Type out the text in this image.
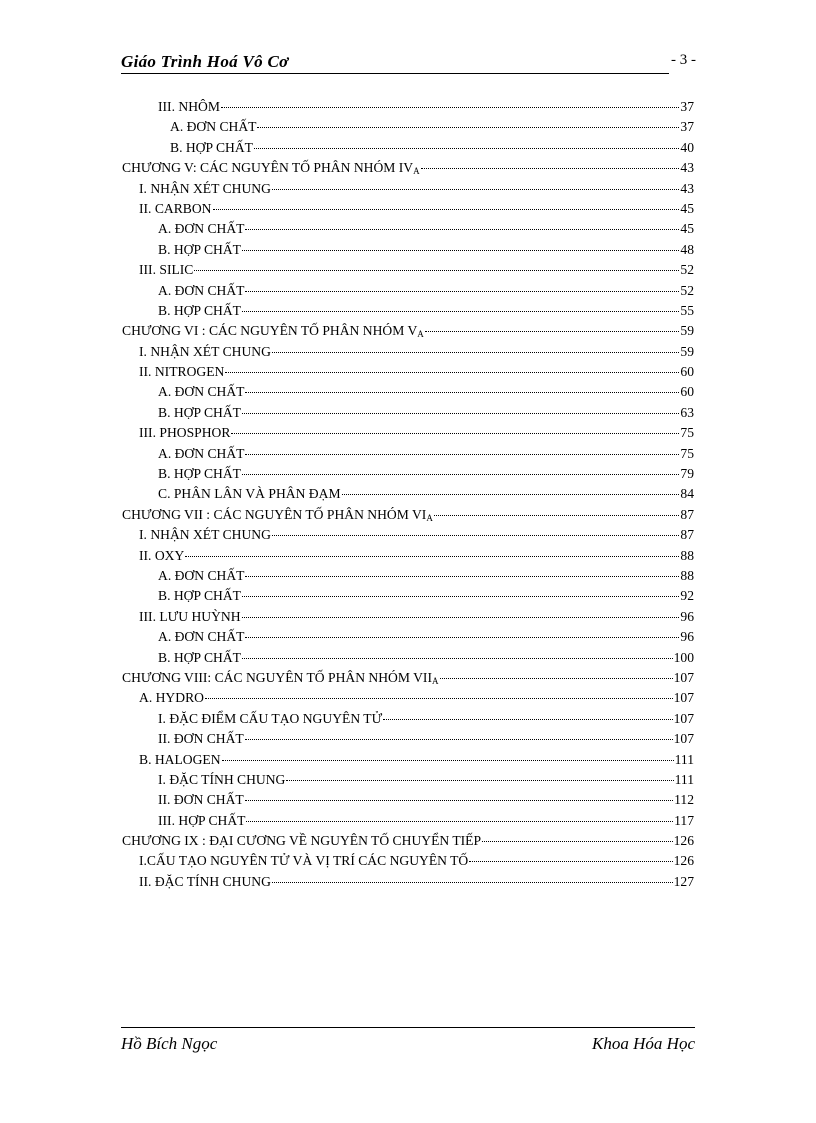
Giáo Trình Hoá Vô Cơ	- 3 -
III. NHÔM	37
A. ĐƠN CHẤT	37
B. HỢP CHẤT	40
CHƯƠNG V: CÁC NGUYÊN TỐ PHÂN NHÓM $IV_A$	43
I. NHẬN XÉT CHUNG	43
II. CARBON	45
A. ĐƠN CHẤT	45
B. HỢP CHẤT	48
III. SILIC	52
A. ĐƠN CHẤT	52
B. HỢP CHẤT	55
CHƯƠNG VI : CÁC NGUYÊN TỐ PHÂN NHÓM $V_A$	59
I. NHẬN XÉT CHUNG	59
II. NITROGEN	60
A. ĐƠN CHẤT	60
B. HỢP CHẤT	63
III. PHOSPHOR	75
A. ĐƠN CHẤT	75
B. HỢP CHẤT	79
C. PHÂN LÂN VÀ PHÂN ĐẠM	84
CHƯƠNG VII : CÁC NGUYÊN TỐ PHÂN NHÓM $VI_A$	87
I. NHẬN XÉT CHUNG	87
II. OXY	88
A. ĐƠN CHẤT	88
B. HỢP CHẤT	92
III. LƯU HUỲNH	96
A. ĐƠN CHẤT	96
B. HỢP CHẤT	100
CHƯƠNG VIII: CÁC NGUYÊN TỐ PHÂN NHÓM $VII_A$	107
A. HYDRO	107
I. ĐẶC ĐIỂM CẤU TẠO NGUYÊN TỬ	107
II. ĐƠN CHẤT	107
B. HALOGEN	111
I. ĐẶC TÍNH CHUNG	111
II. ĐƠN CHẤT	112
III. HỢP CHẤT	117
CHƯƠNG IX : ĐẠI CƯƠNG VỀ NGUYÊN TỐ CHUYỂN TIẾP	126
I.CẤU TẠO NGUYÊN TỬ VÀ VỊ TRÍ CÁC NGUYÊN TỐ	126
II. ĐẶC TÍNH CHUNG	127
Hồ Bích Ngọc	Khoa Hóa Học
